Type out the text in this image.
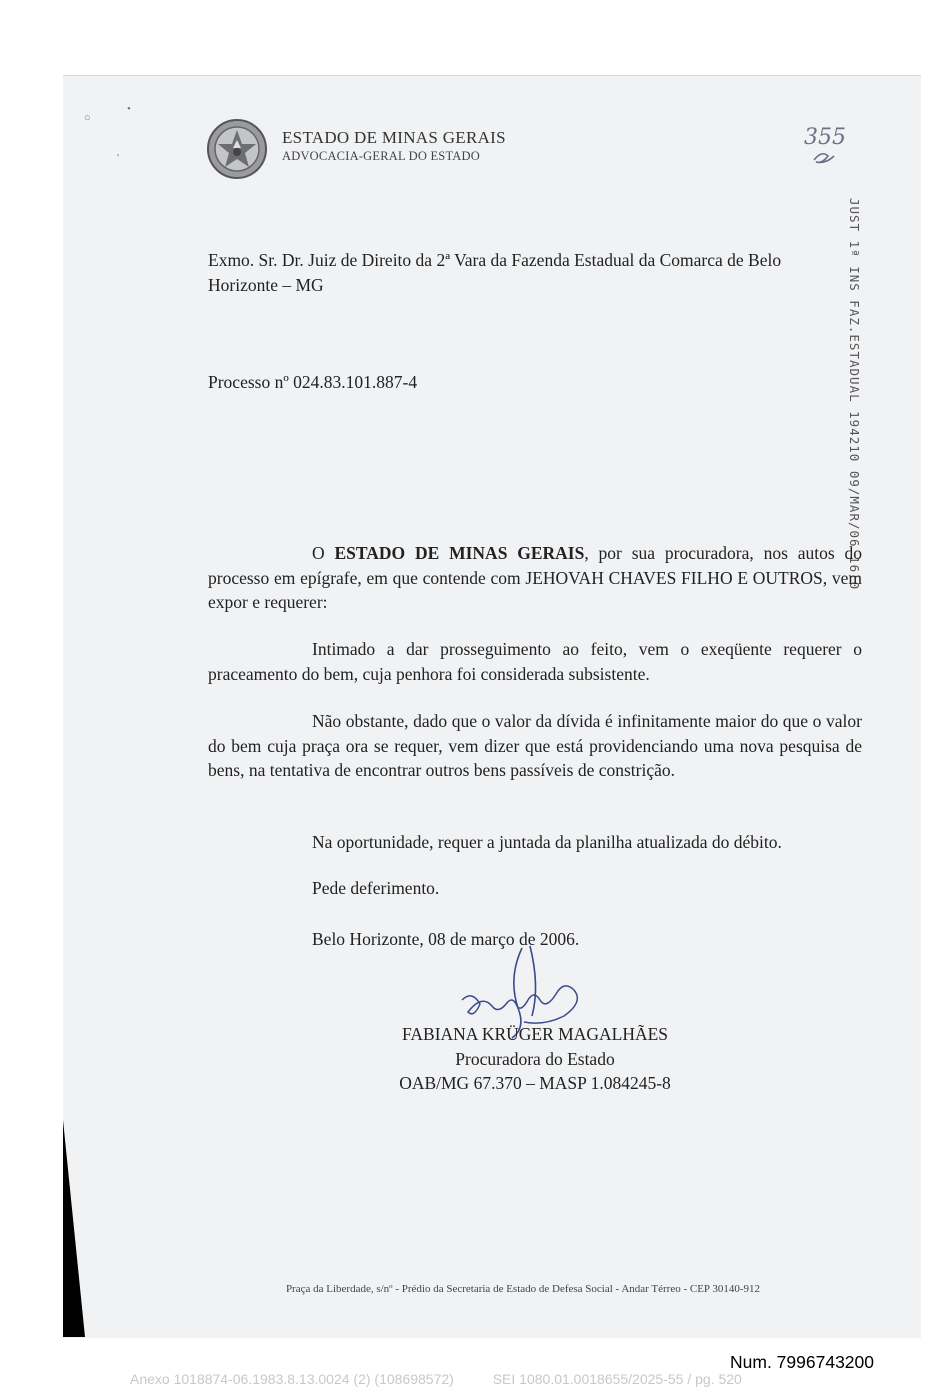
○
•
'
ESTADO DE MINAS GERAIS
ADVOCACIA-GERAL DO ESTADO
355
JUST 1ª INS FAZ.ESTADUAL 194210 09/MAR/06 16:0
Exmo. Sr. Dr. Juiz de Direito da 2ª Vara da Fazenda Estadual da Comarca de Belo Horizonte – MG
Processo nº 024.83.101.887-4
O ESTADO DE MINAS GERAIS, por sua procuradora, nos autos do processo em epígrafe, em que contende com JEHOVAH CHAVES FILHO E OUTROS, vem expor e requerer:
Intimado a dar prosseguimento ao feito, vem o exeqüente requerer o praceamento do bem, cuja penhora foi considerada subsistente.
Não obstante, dado que o valor da dívida é infinitamente maior do que o valor do bem cuja praça ora se requer, vem dizer que está providenciando uma nova pesquisa de bens, na tentativa de encontrar outros bens passíveis de constrição.
Na oportunidade, requer a juntada da planilha atualizada do débito.
Pede deferimento.
Belo Horizonte, 08 de março de 2006.
FABIANA KRÜGER MAGALHÃES
Procuradora do Estado
OAB/MG 67.370 – MASP 1.084245-8
Praça da Liberdade, s/nº - Prédio da Secretaria de Estado de Defesa Social - Andar Térreo - CEP 30140-912
Num. 7996743200
Anexo 1018874-06.1983.8.13.0024 (2) (108698572)          SEI 1080.01.0018655/2025-55 / pg. 520
